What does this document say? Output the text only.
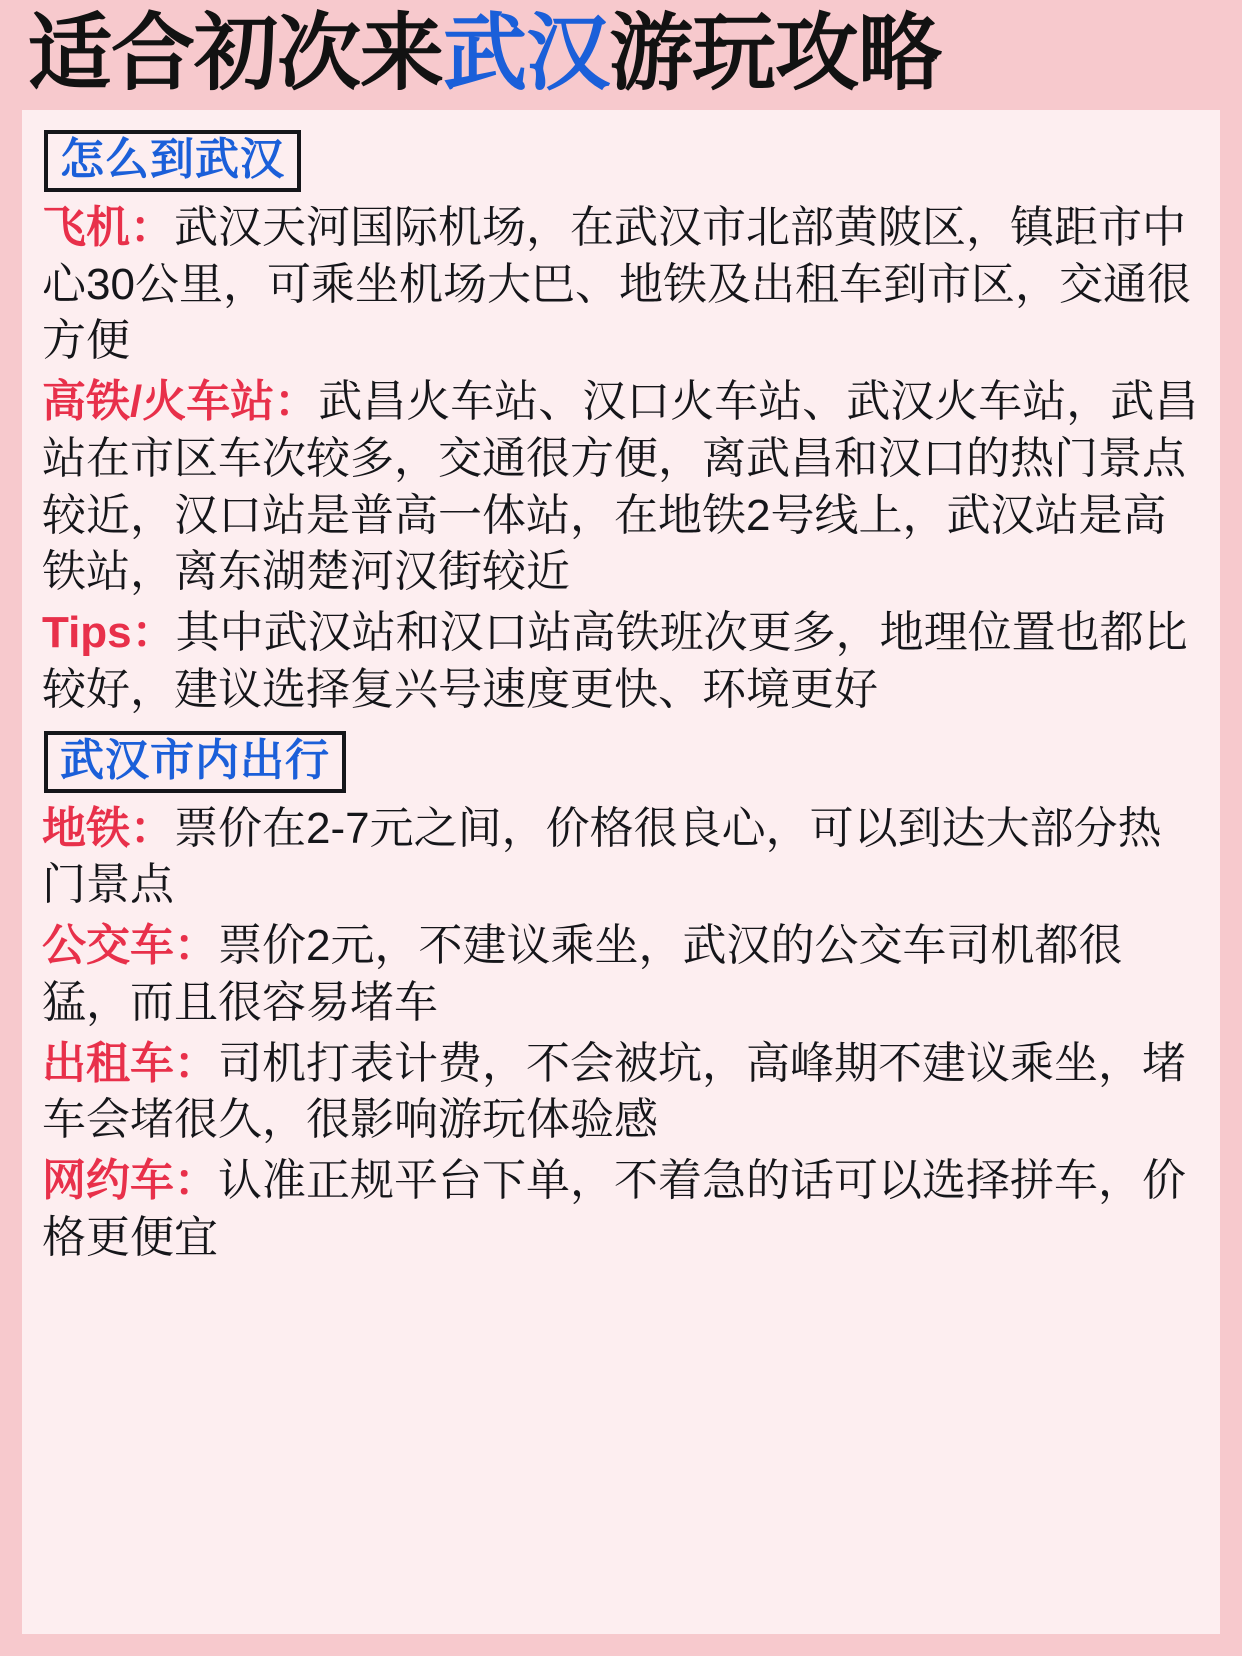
适合初次来武汉游玩攻略
怎么到武汉

飞机：武汉天河国际机场，在武汉市北部黄陂区，镇距市中心30公里，可乘坐机场大巴、地铁及出租车到市区，交通很方便

高铁/火车站：武昌火车站、汉口火车站、武汉火车站，武昌站在市区车次较多，交通很方便，离武昌和汉口的热门景点较近，汉口站是普高一体站，在地铁2号线上，武汉站是高铁站，离东湖楚河汉街较近

Tips：其中武汉站和汉口站高铁班次更多，地理位置也都比较好，建议选择复兴号速度更快、环境更好

武汉市内出行

地铁：票价在2-7元之间，价格很良心，可以到达大部分热门景点

公交车：票价2元，不建议乘坐，武汉的公交车司机都很猛，而且很容易堵车

出租车：司机打表计费，不会被坑，高峰期不建议乘坐，堵车会堵很久，很影响游玩体验感

网约车：认准正规平台下单，不着急的话可以选择拼车，价格更便宜
